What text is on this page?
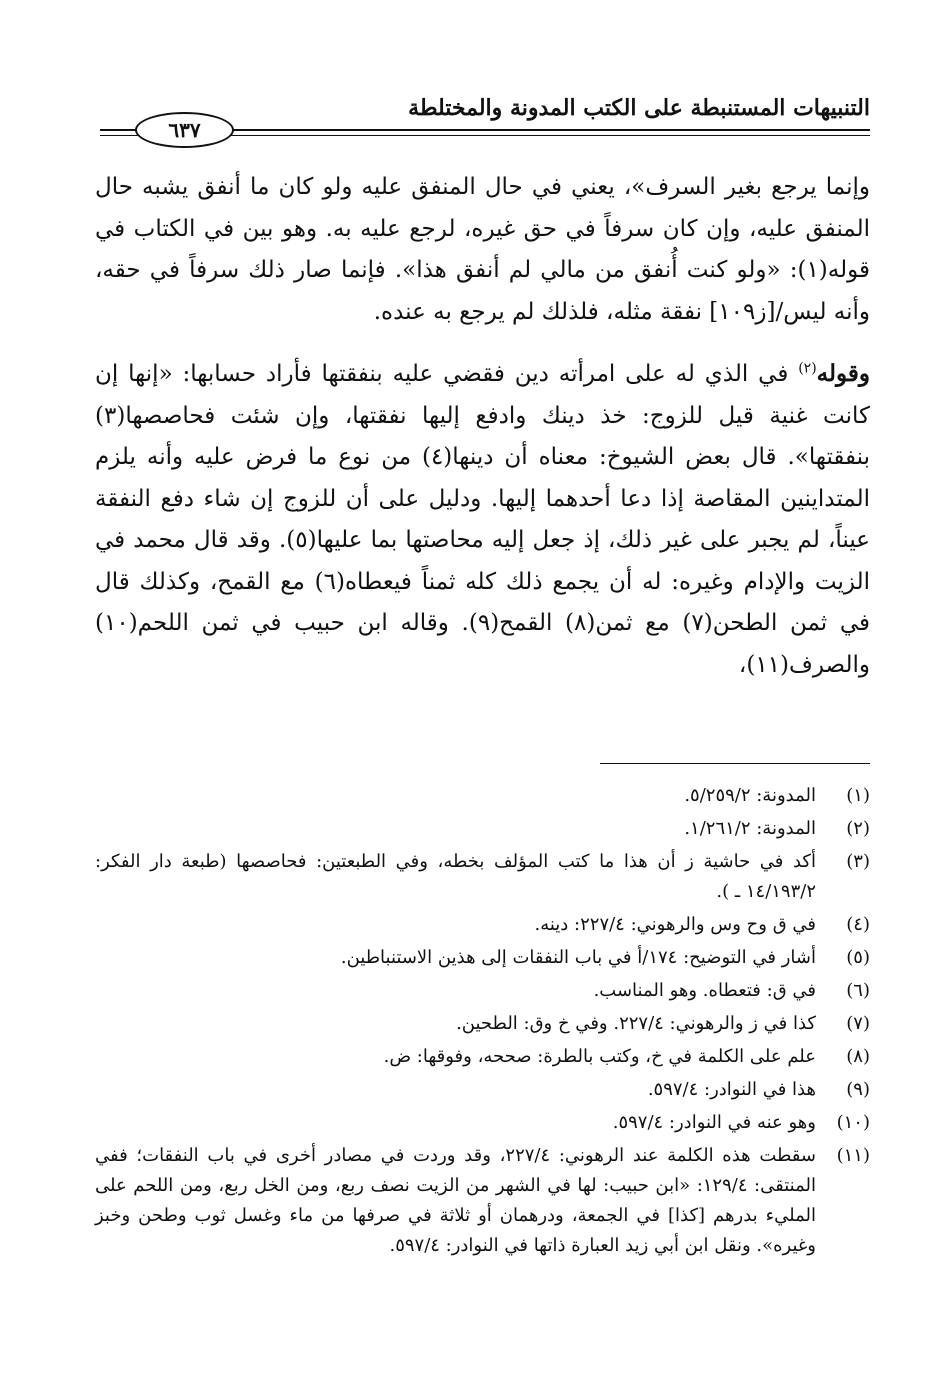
التنبيهات المستنبطة على الكتب المدونة والمختلطة
٦٣٧

وإنما يرجع بغير السرف»، يعني في حال المنفق عليه ولو كان ما أنفق يشبه حال المنفق عليه، وإن كان سرفاً في حق غيره، لرجع عليه به. وهو بين في الكتاب في قوله(١): «ولو كنت أُنفق من مالي لم أنفق هذا». فإنما صار ذلك سرفاً في حقه، وأنه ليس/[ز١٠٩] نفقة مثله، فلذلك لم يرجع به عنده.

وقوله$^{(٢)}$ في الذي له على امرأته دين فقضي عليه بنفقتها فأراد حسابها: «إنها إن كانت غنية قيل للزوج: خذ دينك وادفع إليها نفقتها، وإن شئت فحاصصها(٣) بنفقتها». قال بعض الشيوخ: معناه أن دينها(٤) من نوع ما فرض عليه وأنه يلزم المتداينين المقاصة إذا دعا أحدهما إليها. ودليل على أن للزوج إن شاء دفع النفقة عيناً، لم يجبر على غير ذلك، إذ جعل إليه محاصتها بما عليها(٥). وقد قال محمد في الزيت والإدام وغيره: له أن يجمع ذلك كله ثمناً فيعطاه(٦) مع القمح، وكذلك قال في ثمن الطحن(٧) مع ثمن(٨) القمح(٩). وقاله ابن حبيب في ثمن اللحم(١٠) والصرف(١١)،

(١)
المدونة: ٥/٢٥٩/٢.
(٢)
المدونة: ١/٢٦١/٢.
(٣)
أكد في حاشية ز أن هذا ما كتب المؤلف بخطه، وفي الطبعتين: فحاصصها (طبعة دار الفكر: ١٤/١٩٣/٢ ـ ).
(٤)
في ق وح وس والرهوني: ٢٢٧/٤: دينه.
(٥)
أشار في التوضيح: ١٧٤/أ في باب النفقات إلى هذين الاستنباطين.
(٦)
في ق: فتعطاه. وهو المناسب.
(٧)
كذا في ز والرهوني: ٢٢٧/٤. وفي خ وق: الطحين.
(٨)
علم على الكلمة في خ، وكتب بالطرة: صححه، وفوقها: ض.
(٩)
هذا في النوادر: ٥٩٧/٤.
(١٠)
وهو عنه في النوادر: ٥٩٧/٤.
(١١)
سقطت هذه الكلمة عند الرهوني: ٢٢٧/٤، وقد وردت في مصادر أخرى في باب النفقات؛ ففي المنتقى: ١٢٩/٤: «ابن حبيب: لها في الشهر من الزيت نصف ربع، ومن الخل ربع، ومن اللحم على المليء بدرهم [كذا] في الجمعة، ودرهمان أو ثلاثة في صرفها من ماء وغسل ثوب وطحن وخبز وغيره». ونقل ابن أبي زيد العبارة ذاتها في النوادر: ٥٩٧/٤.
